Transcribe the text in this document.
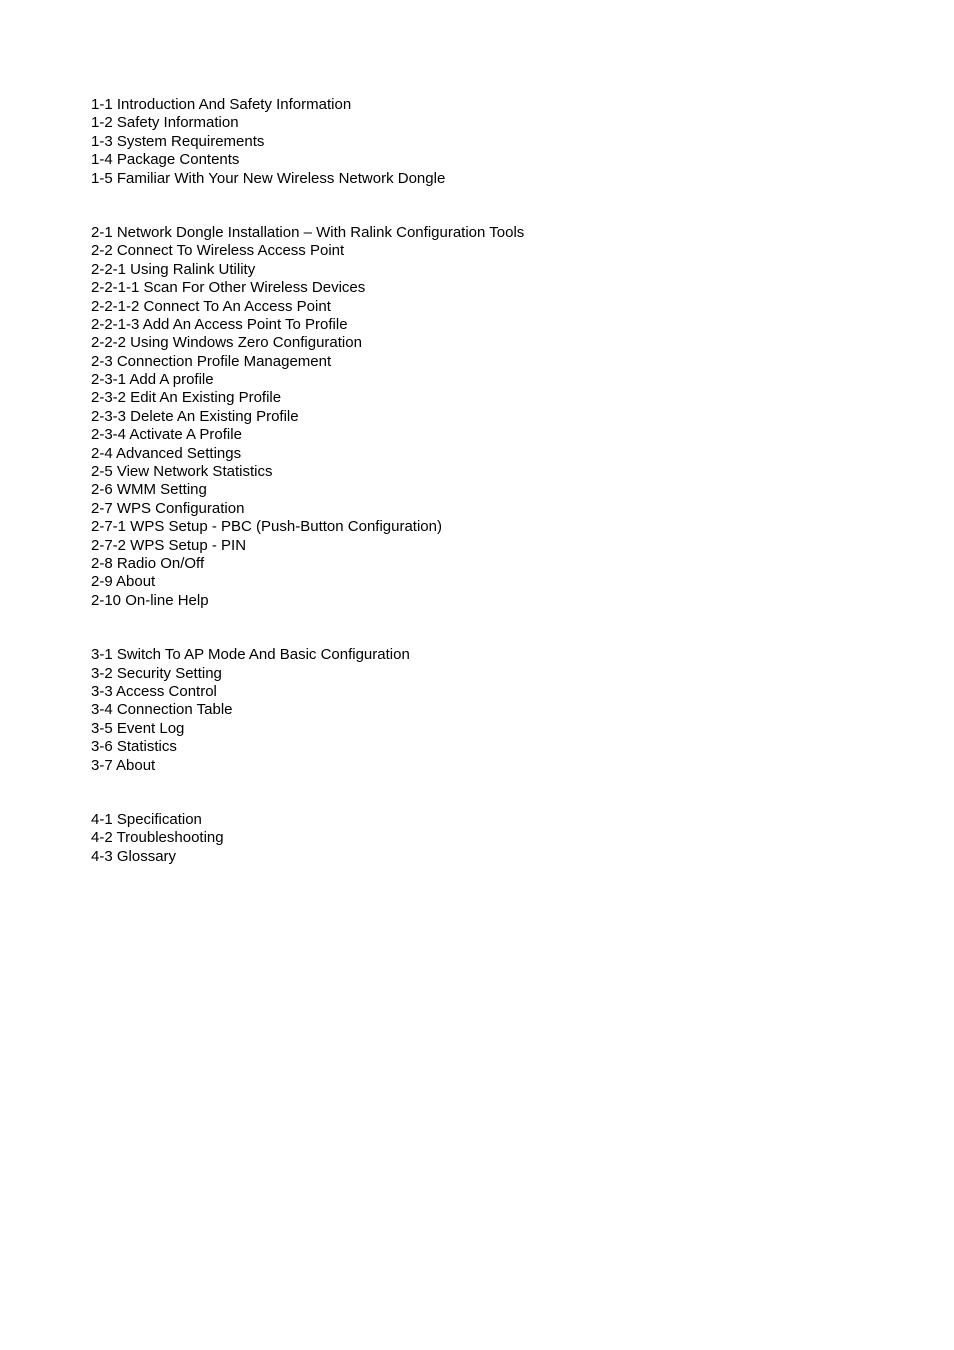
1-1 Introduction And Safety Information
1-2 Safety Information
1-3 System Requirements
1-4 Package Contents
1-5 Familiar With Your New Wireless Network Dongle
2-1 Network Dongle Installation – With Ralink Configuration Tools
2-2 Connect To Wireless Access Point
2-2-1 Using Ralink Utility
2-2-1-1 Scan For Other Wireless Devices
2-2-1-2 Connect To An Access Point
2-2-1-3 Add An Access Point To Profile
2-2-2 Using Windows Zero Configuration
2-3 Connection Profile Management
2-3-1 Add A profile
2-3-2 Edit An Existing Profile
2-3-3 Delete An Existing Profile
2-3-4 Activate A Profile
2-4 Advanced Settings
2-5 View Network Statistics
2-6 WMM Setting
2-7 WPS Configuration
2-7-1 WPS Setup - PBC (Push-Button Configuration)
2-7-2 WPS Setup - PIN
2-8 Radio On/Off
2-9 About
2-10 On-line Help
3-1 Switch To AP Mode And Basic Configuration
3-2 Security Setting
3-3 Access Control
3-4 Connection Table
3-5 Event Log
3-6 Statistics
3-7 About
4-1 Specification
4-2 Troubleshooting
4-3 Glossary
